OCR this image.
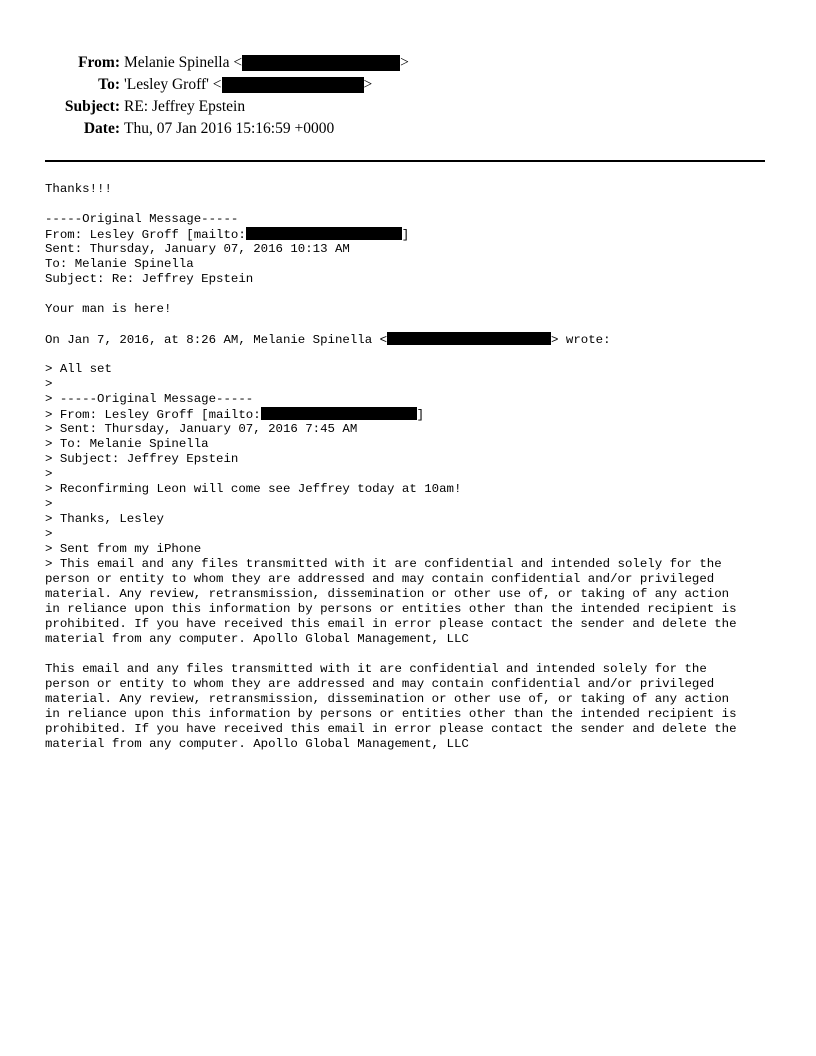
From: Melanie Spinella <	>
To: 'Lesley Groff' <	>
Subject: RE: Jeffrey Epstein
Date: Thu, 07 Jan 2016 15:16:59 +0000
Thanks!!!
-----Original Message-----
From: Lesley Groff [mailto:	]
Sent: Thursday, January 07, 2016 10:13 AM
To: Melanie Spinella
Subject: Re: Jeffrey Epstein
Your man is here!
On Jan 7, 2016, at 8:26 AM, Melanie Spinella <	> wrote:
> All set
>
> -----Original Message-----
> From: Lesley Groff [mailto:	]
> Sent: Thursday, January 07, 2016 7:45 AM
> To: Melanie Spinella
> Subject: Jeffrey Epstein
>
> Reconfirming Leon will come see Jeffrey today at 10am!
>
> Thanks, Lesley
>
> Sent from my iPhone
> This email and any files transmitted with it are confidential and intended solely for the
person or entity to whom they are addressed and may contain confidential and/or privileged
material. Any review, retransmission, dissemination or other use of, or taking of any action
in reliance upon this information by persons or entities other than the intended recipient is
prohibited. If you have received this email in error please contact the sender and delete the
material from any computer. Apollo Global Management, LLC
This email and any files transmitted with it are confidential and intended solely for the
person or entity to whom they are addressed and may contain confidential and/or privileged
material. Any review, retransmission, dissemination or other use of, or taking of any action
in reliance upon this information by persons or entities other than the intended recipient is
prohibited. If you have received this email in error please contact the sender and delete the
material from any computer. Apollo Global Management, LLC
